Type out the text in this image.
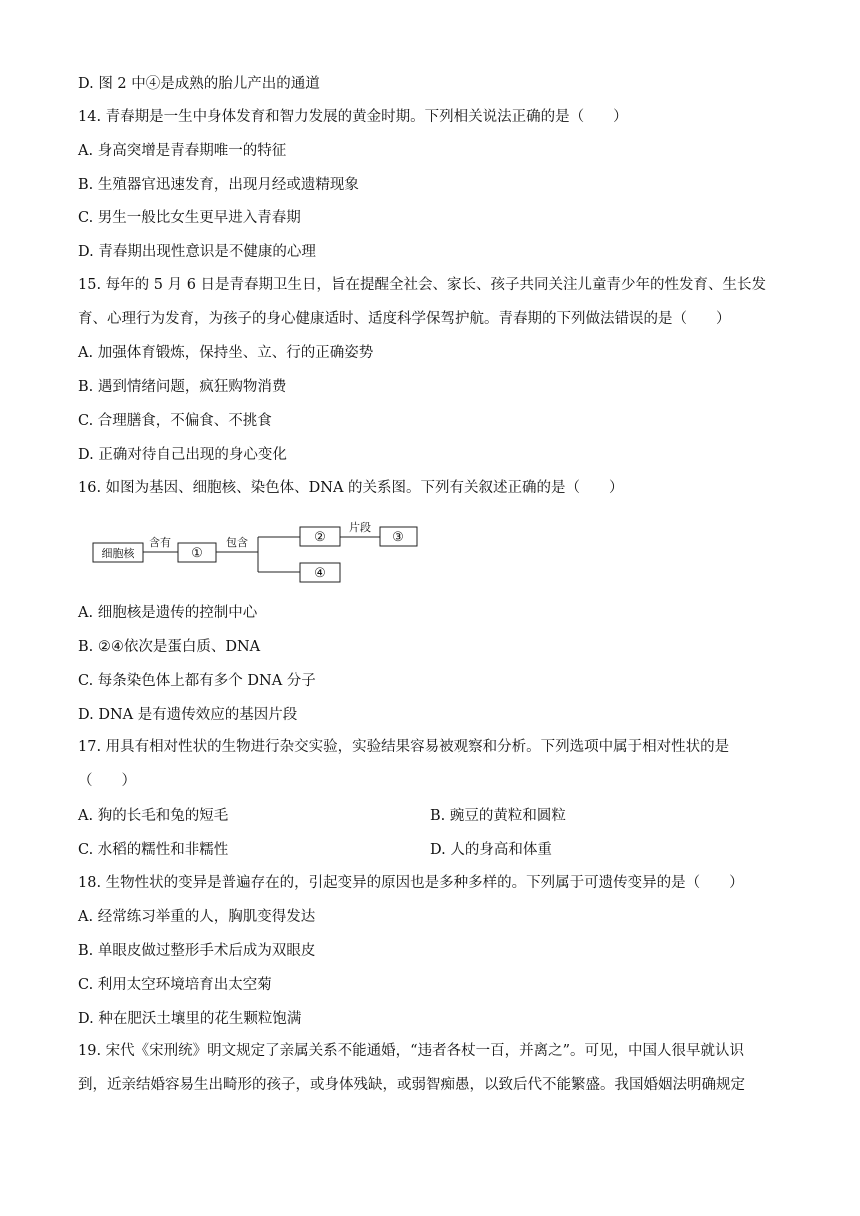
D. 图 2 中④是成熟的胎儿产出的通道
14. 青春期是一生中身体发育和智力发展的黄金时期。下列相关说法正确的是（　　）
A. 身高突增是青春期唯一的特征
B. 生殖器官迅速发育，出现月经或遗精现象
C. 男生一般比女生更早进入青春期
D. 青春期出现性意识是不健康的心理
15. 每年的 5 月 6 日是青春期卫生日，旨在提醒全社会、家长、孩子共同关注儿童青少年的性发育、生长发
育、心理行为发育，为孩子的身心健康适时、适度科学保驾护航。青春期的下列做法错误的是（　　）
A. 加强体育锻炼，保持坐、立、行的正确姿势
B. 遇到情绪问题，疯狂购物消费
C. 合理膳食，不偏食、不挑食
D. 正确对待自己出现的身心变化
16. 如图为基因、细胞核、染色体、DNA 的关系图。下列有关叙述正确的是（　　）
细胞核
含有
①
包含	②
片段
③
④
A. 细胞核是遗传的控制中心
B. ②④依次是蛋白质、DNA
C. 每条染色体上都有多个 DNA 分子
D. DNA 是有遗传效应的基因片段
17. 用具有相对性状的生物进行杂交实验，实验结果容易被观察和分析。下列选项中属于相对性状的是
（　　）
A. 狗的长毛和兔的短毛	B. 豌豆的黄粒和圆粒
C. 水稻的糯性和非糯性	D. 人的身高和体重
18. 生物性状的变异是普遍存在的，引起变异的原因也是多种多样的。下列属于可遗传变异的是（　　）
A. 经常练习举重的人，胸肌变得发达
B. 单眼皮做过整形手术后成为双眼皮
C. 利用太空环境培育出太空菊
D. 种在肥沃土壤里的花生颗粒饱满
19. 宋代《宋刑统》明文规定了亲属关系不能通婚，“违者各杖一百，并离之”。可见，中国人很早就认识
到，近亲结婚容易生出畸形的孩子，或身体残缺，或弱智痴愚，以致后代不能繁盛。我国婚姻法明确规定
